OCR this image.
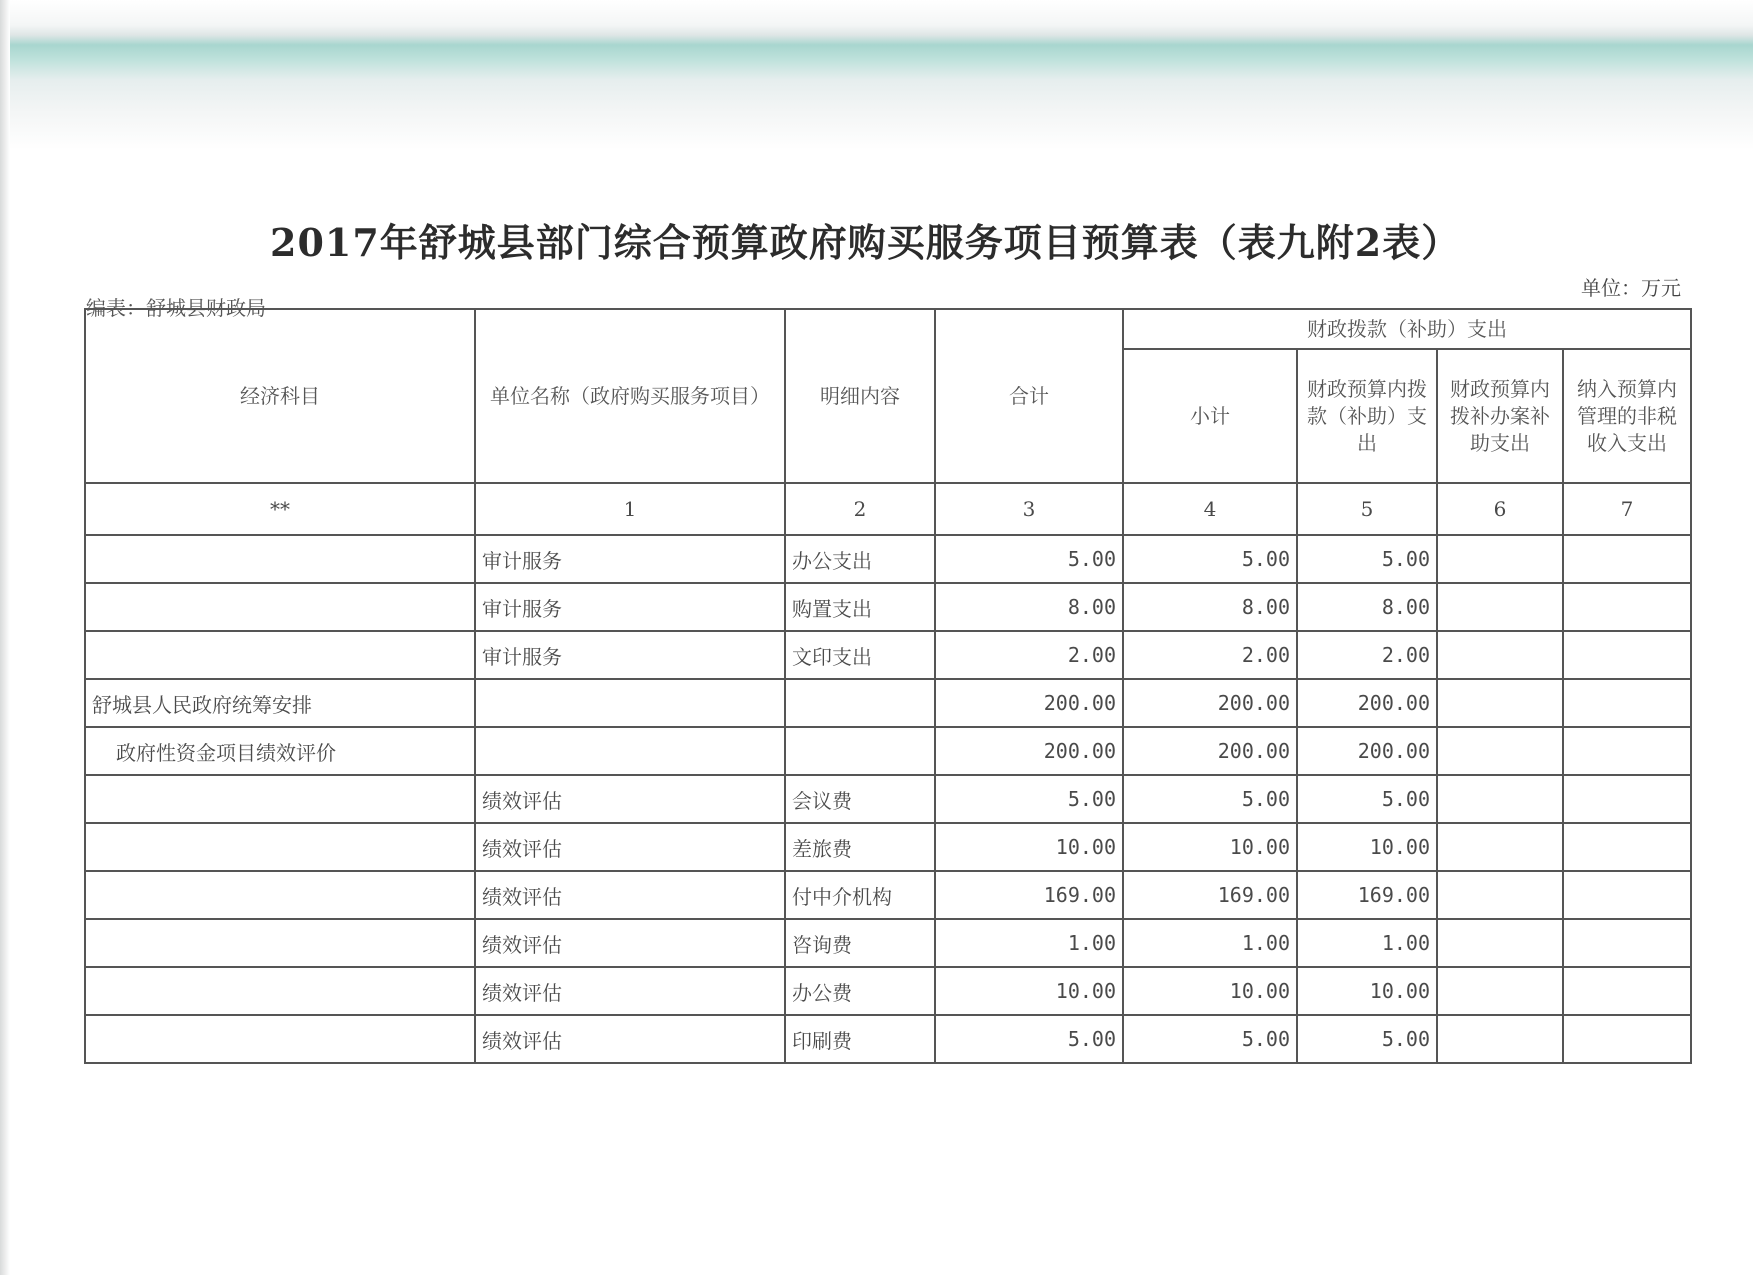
2017年舒城县部门综合预算政府购买服务项目预算表（表九附2表）
编表：舒城县财政局
单位：万元
经济科目	单位名称（政府购买服务项目）	明细内容	合计	财政拨款（补助）支出			
				小计	财政预算内拨款（补助）支出	财政预算内拨补办案补助支出	纳入预算内管理的非税收入支出
**	1	2	3	4	5	6	7
	审计服务	办公支出	5.00	5.00	5.00		
	审计服务	购置支出	8.00	8.00	8.00		
	审计服务	文印支出	2.00	2.00	2.00		
舒城县人民政府统筹安排			200.00	200.00	200.00		
政府性资金项目绩效评价			200.00	200.00	200.00		
	绩效评估	会议费	5.00	5.00	5.00		
	绩效评估	差旅费	10.00	10.00	10.00		
	绩效评估	付中介机构	169.00	169.00	169.00		
	绩效评估	咨询费	1.00	1.00	1.00		
	绩效评估	办公费	10.00	10.00	10.00		
	绩效评估	印刷费	5.00	5.00	5.00		
